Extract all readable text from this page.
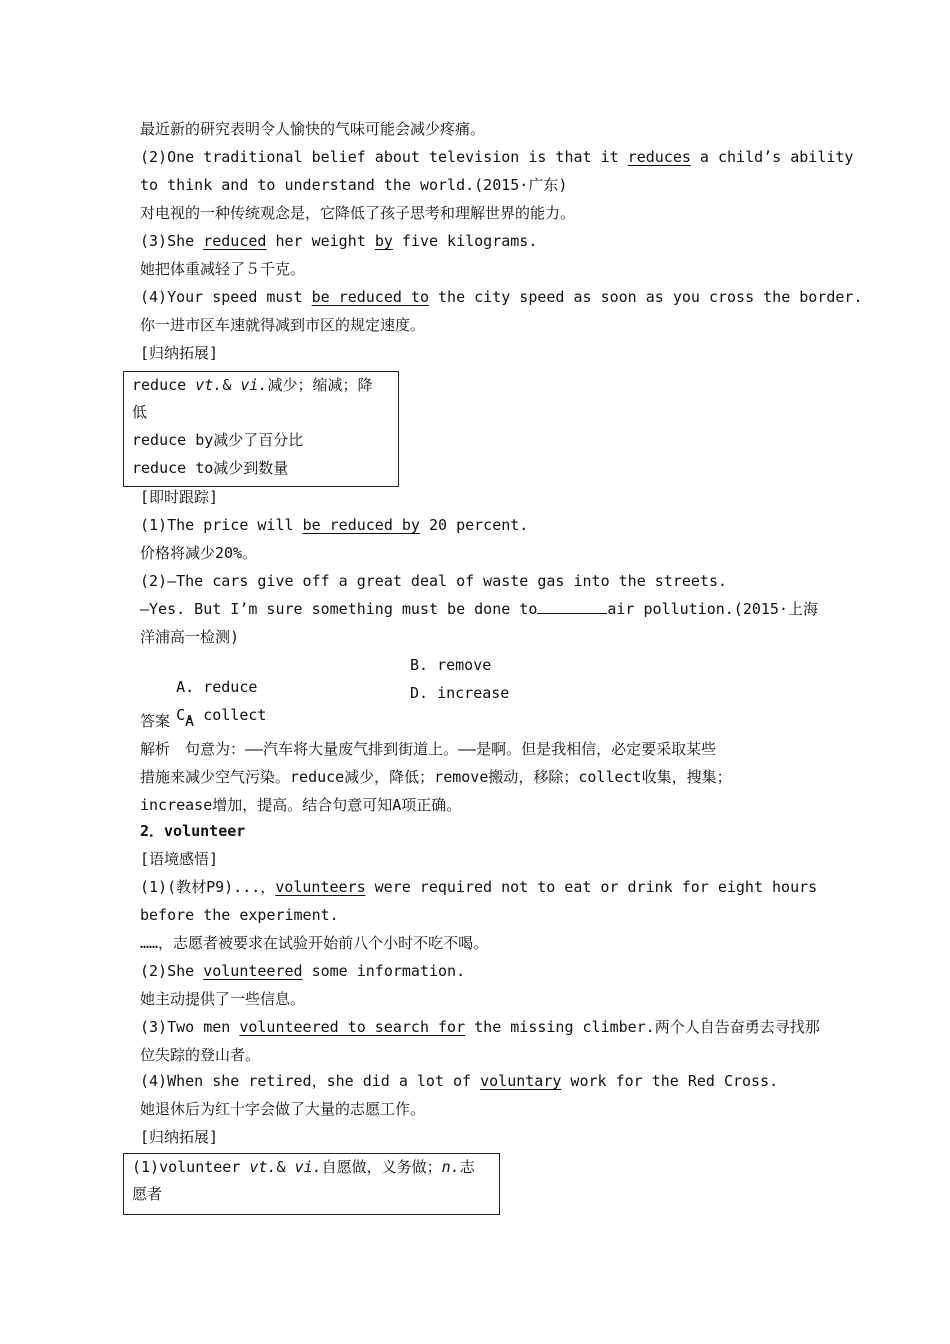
最近新的研究表明令人愉快的气味可能会减少疼痛。
(2)One traditional belief about television is that it reduces a child’s ability
to think and to understand the world.(2015·广东)
对电视的一种传统观念是，它降低了孩子思考和理解世界的能力。
(3)She reduced her weight by five kilograms.
她把体重减轻了５千克。
(4)Your speed must be reduced to the city speed as soon as you cross the border.
你一进市区车速就得减到市区的规定速度。
[归纳拓展]
reduce vt.& vi.减少；缩减；降
低
reduce by减少了百分比
reduce to减少到数量
[即时跟踪]
(1)The price will be reduced by 20 percent.
价格将减少20%。
(2)—The cars give off a great deal of waste gas into the streets.
—Yes. But I’m sure something must be done to	air pollution.(2015·上海
洋浦高一检测)

A. reduce

B. remove

C. collect

D. increase

答案　A
解析　句意为：——汽车将大量废气排到街道上。——是啊。但是我相信，必定要采取某些
措施来减少空气污染。reduce减少，降低；remove搬动，移除；collect收集，搜集；
increase增加，提高。结合句意可知A项正确。
2．volunteer
[语境感悟]
(1)(教材P9)...，volunteers were required not to eat or drink for eight hours
before the experiment.
……，志愿者被要求在试验开始前八个小时不吃不喝。
(2)She volunteered some information.
她主动提供了一些信息。
(3)Two men volunteered to search for the missing climber.两个人自告奋勇去寻找那
位失踪的登山者。
(4)When she retired，she did a lot of voluntary work for the Red Cross.
她退休后为红十字会做了大量的志愿工作。
[归纳拓展]
(1)volunteer vt.& vi.自愿做，义务做；n.志
愿者
